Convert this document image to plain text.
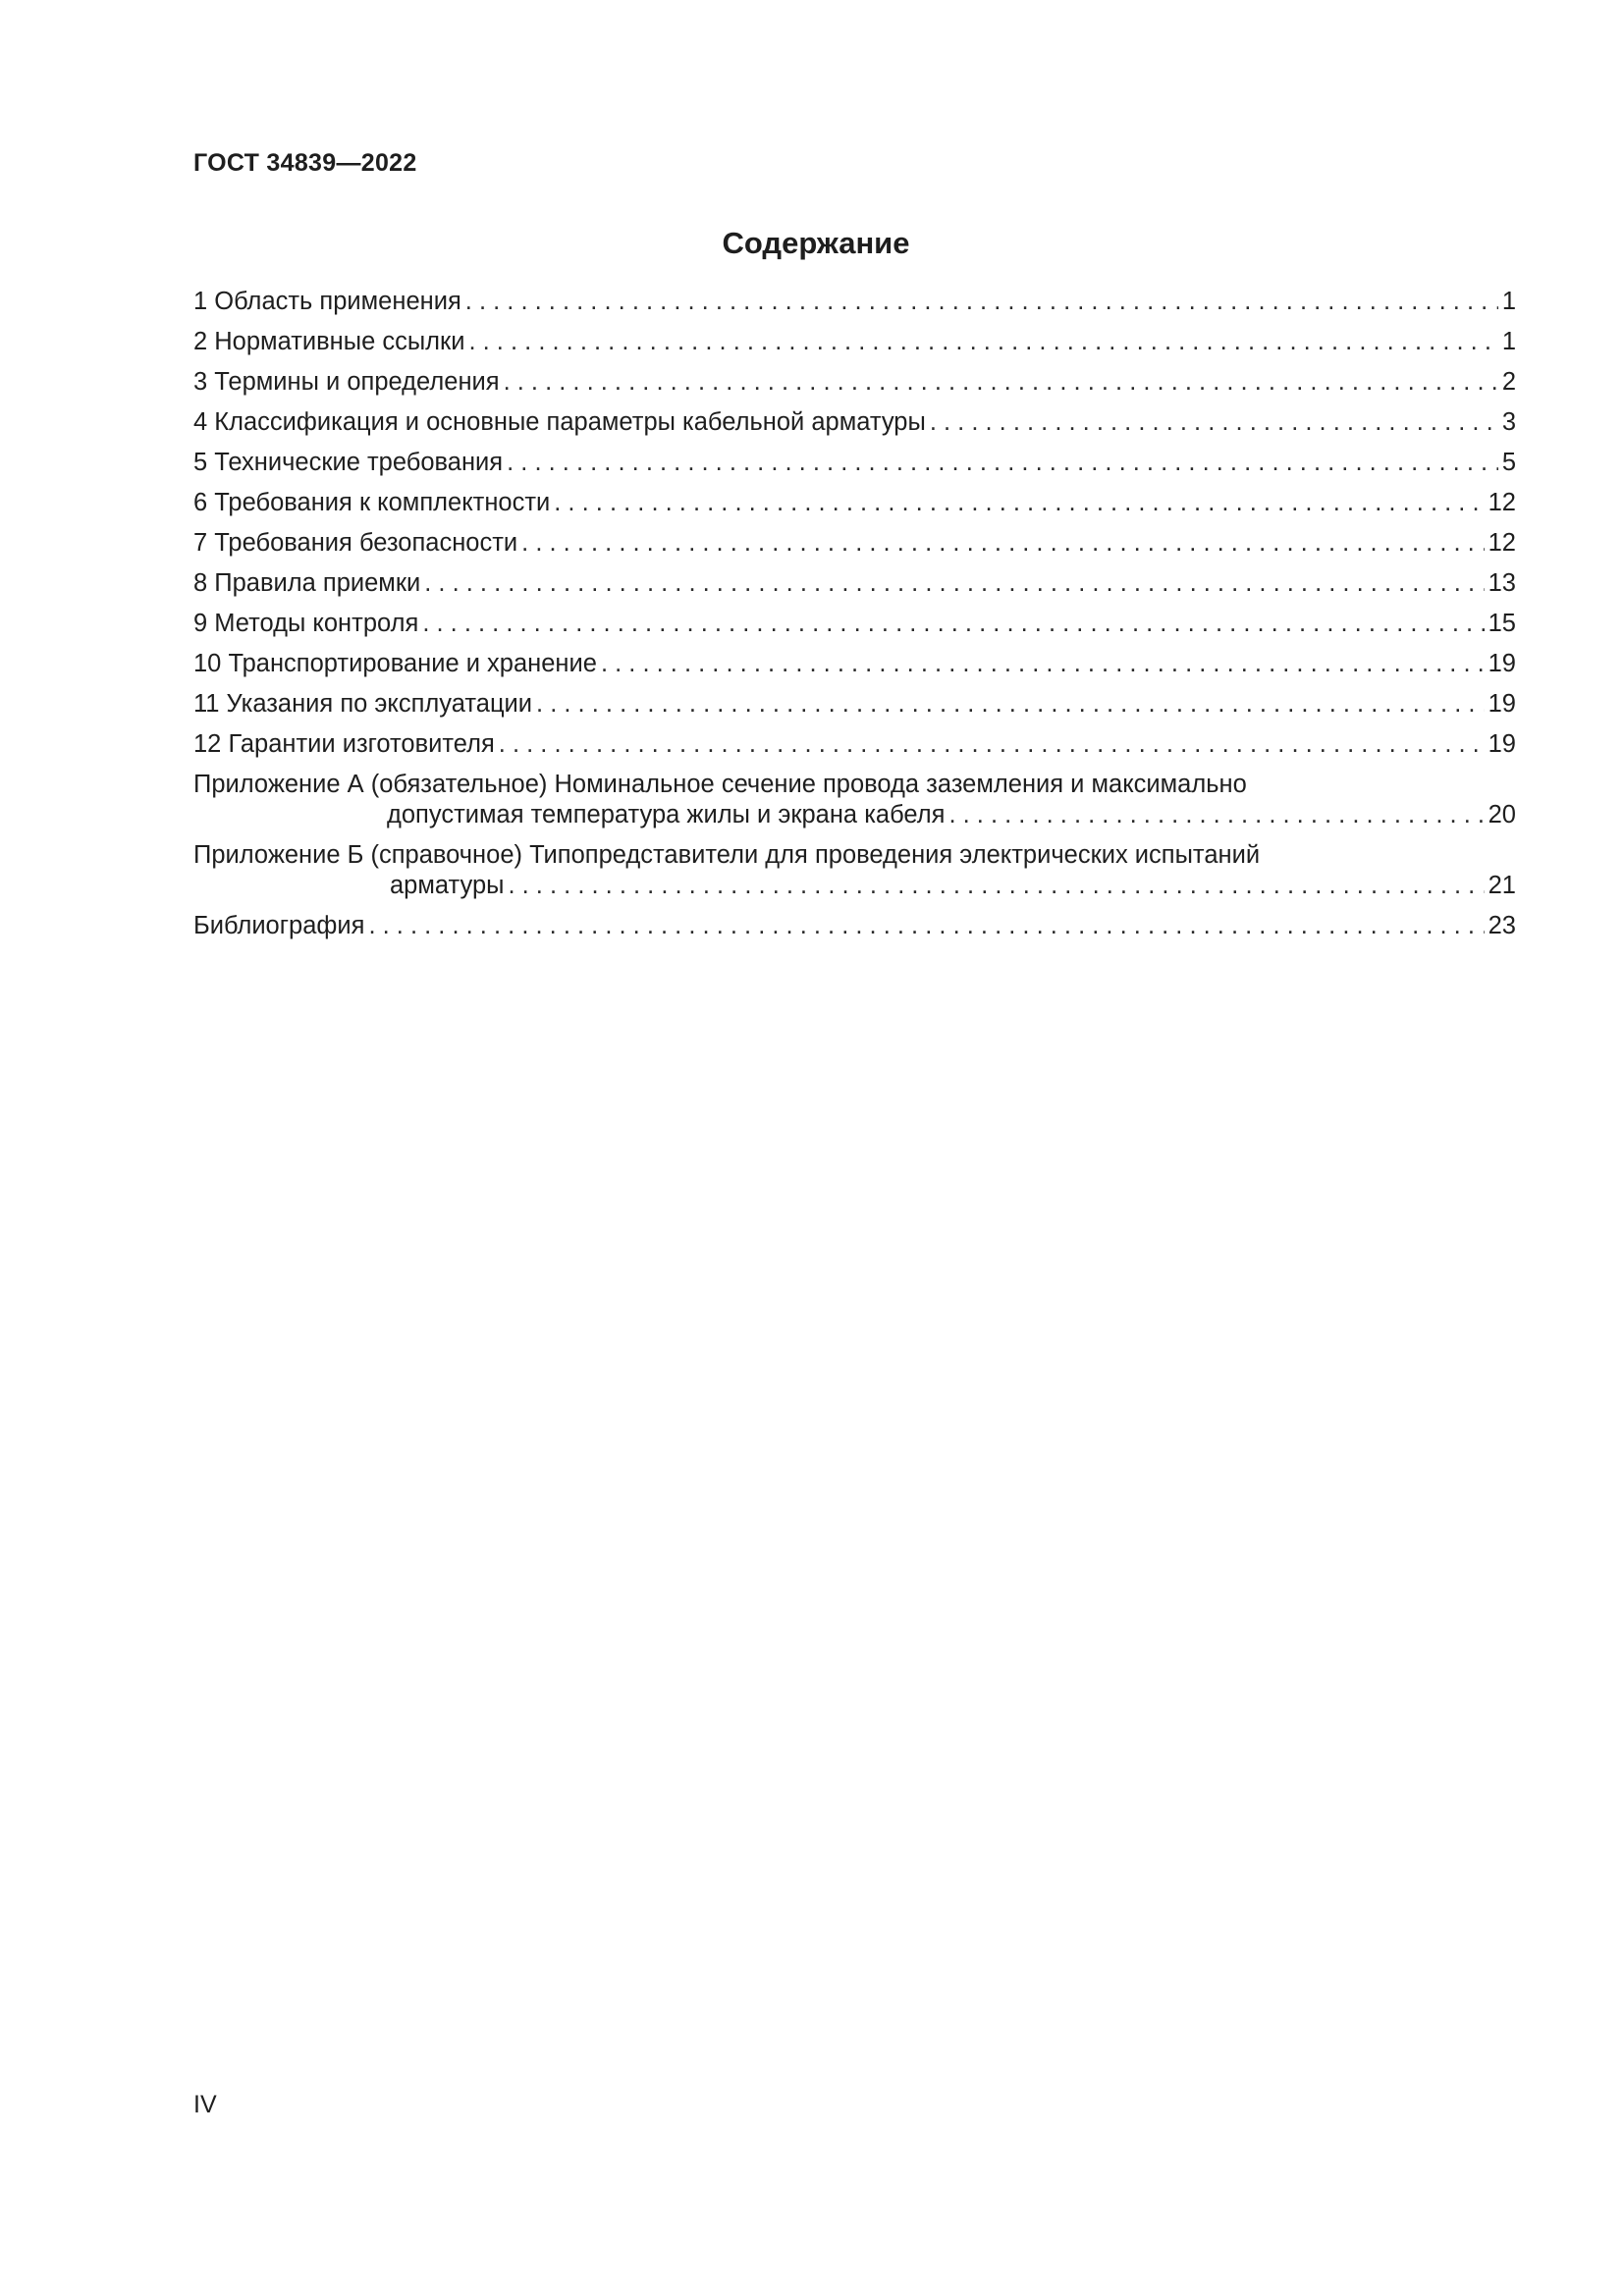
ГОСТ 34839—2022
Содержание
1 Область применения . . .	1
2 Нормативные ссылки . . .	1
3 Термины и определения . . .	2
4 Классификация и основные параметры кабельной арматуры . . .	3
5 Технические требования . . .	5
6 Требования к комплектности . . .	12
7 Требования безопасности . . .	12
8 Правила приемки . . .	13
9 Методы контроля . . .	15
10 Транспортирование и хранение . . .	19
11 Указания по эксплуатации . . .	19
12 Гарантии изготовителя . . .	19
Приложение А (обязательное) Номинальное сечение провода заземления и максимально
допустимая температура жилы и экрана кабеля . . .	20
Приложение Б (справочное) Типопредставители для проведения электрических испытаний
арматуры . . .	21
Библиография . . .	23
IV
